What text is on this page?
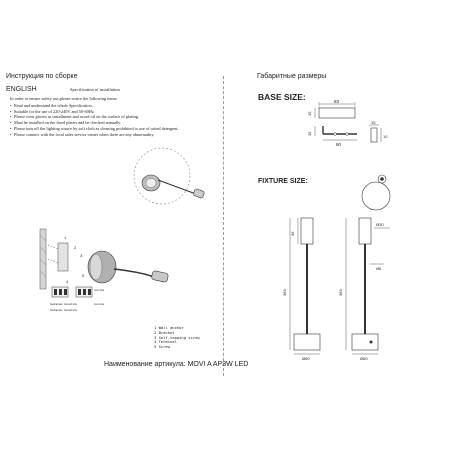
Инструкция по сборке
ENGLISH	Specification of installation
In order to ensure safety use,please notice the following items:
• Read and understand the whole Specification.
• Suitable for the use of 220-240V and 50-60Hz.
• Please wear gloves as installment and avoid oil on the surface of plating.
• Must be installed on the fixed places and be checked annually.
• Please turn off the lighting source by soft cloth as cleaning prohibited to use of rotted detergent.
• Please connect with the local sales service center when there are any abnormality.
1
2
3
4
5
Live wire
Live wire
Neutral wire Ground wire
Neutral wire Ground wire
1 Wall anchor
2 Bracket
3 Self-tapping screw
4 Terminal
5 Screw
Габаритные размеры
BASE SIZE:	83
15
15
60
15
10
FIXTURE SIZE:
45
383
Ø60
Ø30
Ø6
383
Ø60
Наименование артикула: MOVI A AP3W LED
